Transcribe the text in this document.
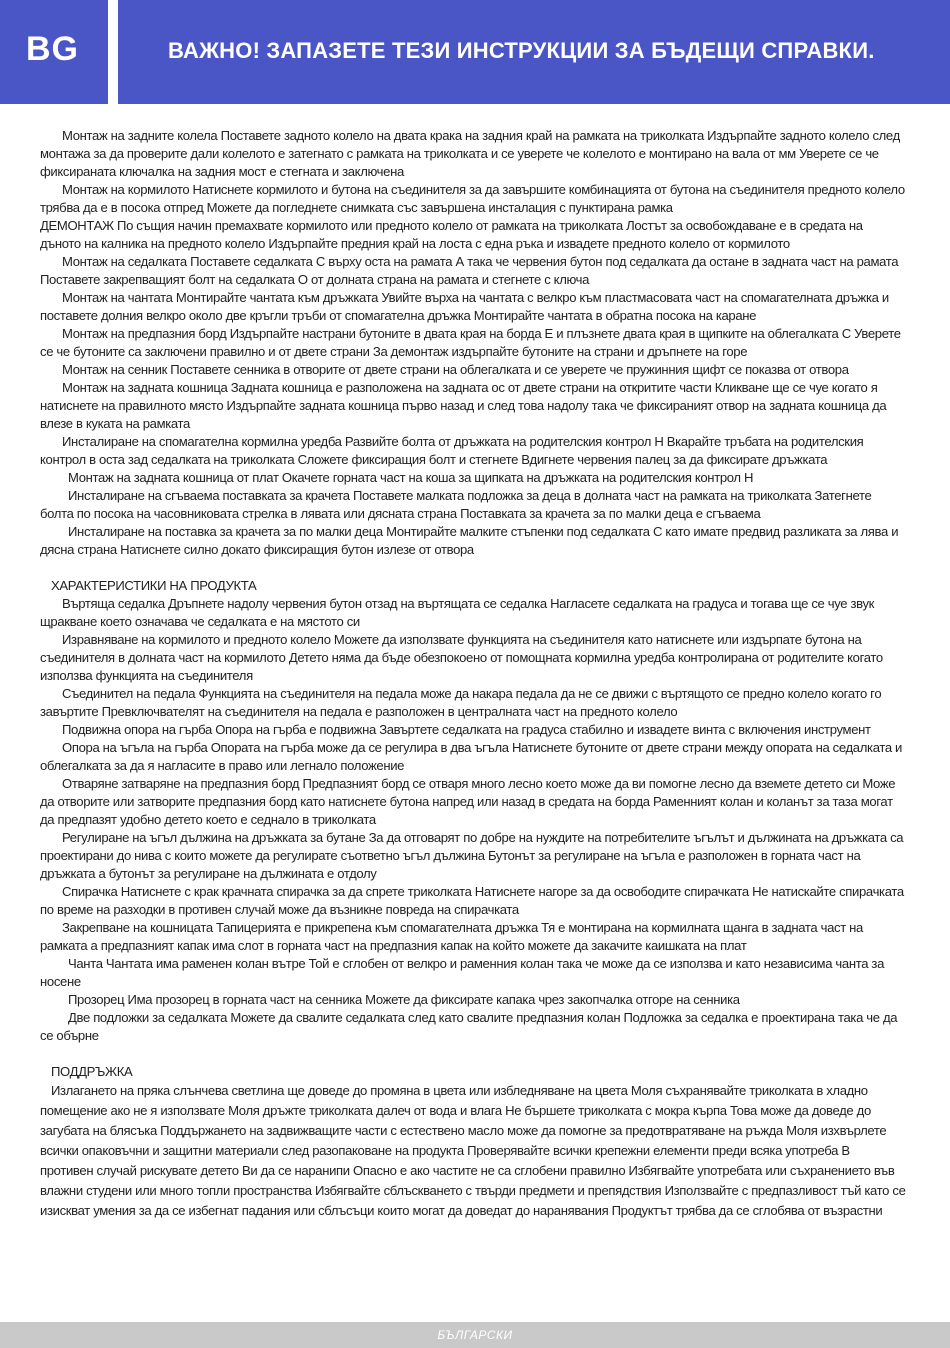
BG	ВАЖНО! ЗАПАЗЕТЕ ТЕЗИ ИНСТРУКЦИИ ЗА БЪДЕЩИ СПРАВКИ.

Монтаж на задните колела Поставете задното колело на двата крака на задния край на рамката на триколката Издърпайте задното колело след монтажа за да проверите дали колелото е затегнато с рамката на триколката и се уверете че колелото е монтирано на вала от мм Уверете се че фиксираната ключалка на задния мост е стегната и заключена

Монтаж на кормилото Натиснете кормилото и бутона на съединителя за да завършите комбинацията от бутона на съединителя предното колело трябва да е в посока отпред Можете да погледнете снимката със завършена инсталация с пунктирана рамка

ДЕМОНТАЖ По същия начин премахвате кормилото или предното колело от рамката на триколката Лостът за освобождаване е в средата на дъното на калника на предното колело Издърпайте предния край на лоста с една ръка и извадете предното колело от кормилото

Монтаж на седалката Поставете седалката С върху оста на рамата А така че червения бутон под седалката да остане в задната част на рамата Поставете закрепващият болт на седалката О от долната страна на рамата и стегнете с ключа

Монтаж на чантата Монтирайте чантата към дръжката Увийте върха на чантата с велкро към пластмасовата част на спомагателната дръжка и поставете долния велкро около две кръгли тръби от спомагателна дръжка Монтирайте чантата в обратна посока на каране

Монтаж на предпазния борд Издърпайте настрани бутоните в двата края на борда Е и плъзнете двата края в щипките на облегалката С Уверете се че бутоните са заключени правилно и от двете страни За демонтаж издърпайте бутоните на страни и дръпнете на горе

Монтаж на сенник Поставете сенника в отворите от двете страни на облегалката и се уверете че пружинния щифт се показва от отвора

Монтаж на задната кошница Задната кошница е разположена на задната ос от двете страни на откритите части Кликване ще се чуе когато я натиснете на правилното място Издърпайте задната кошница първо назад и след това надолу така че фиксираният отвор на задната кошница да влезе в куката на рамката

Инсталиране на спомагателна кормилна уредба Развийте болта от дръжката на родителския контрол Н Вкарайте тръбата на родителския контрол в оста зад седалката на триколката Сложете фиксиращия болт и стегнете Вдигнете червения палец за да фиксирате дръжката

Монтаж на задната кошница от плат Окачете горната част на коша за щипката на дръжката на родителския контрол Н

Инсталиране на сгъваема поставката за крачета Поставете малката подложка за деца в долната част на рамката на триколката Затегнете болта по посока на часовниковата стрелка в лявата или дясната страна Поставката за крачета за по малки деца е сгъваема

Инсталиране на поставка за крачета за по малки деца Монтирайте малките стъпенки под седалката С като имате предвид разликата за лява и дясна страна Натиснете силно докато фиксиращия бутон излезе от отвора

ХАРАКТЕРИСТИКИ НА ПРОДУКТА

Въртяща седалка Дръпнете надолу червения бутон отзад на въртящата се седалка Нагласете седалката на градуса и тогава ще се чуе звук щракване което означава че седалката е на мястото си

Изравняване на кормилото и предното колело Можете да използвате функцията на съединителя като натиснете или издърпате бутона на съединителя в долната част на кормилото Детето няма да бъде обезпокоено от помощната кормилна уредба контролирана от родителите когато използва функцията на съединителя

Съединител на педала Функцията на съединителя на педала може да накара педала да не се движи с въртящото се предно колело когато го завъртите Превключвателят на съединителя на педала е разположен в централната част на предното колело

Подвижна опора на гърба Опора на гърба е подвижна Завъртете седалката на градуса стабилно и извадете винта с включения инструмент

Опора на ъгъла на гърба Опората на гърба може да се регулира в два ъгъла Натиснете бутоните от двете страни между опората на седалката и облегалката за да я нагласите в право или легнало положение

Отваряне затваряне на предпазния борд Предпазният борд се отваря много лесно което може да ви помогне лесно да вземете детето си Може да отворите или затворите предпазния борд като натиснете бутона напред или назад в средата на борда Раменният колан и колaнът за таза могат да предпазят удобно детето което е седнало в триколката

Регулиране на ъгъл дължина на дръжката за бутане За да отговарят по добре на нуждите на потребителите ъгълът и дължината на дръжката са проектирани до нива с които можете да регулирате съответно ъгъл дължина Бутонът за регулиране на ъгъла е разположен в горната част на дръжката а бутонът за регулиране на дължината е отдолу

Спирачка Натиснете с крак крачната спирачка за да спрете триколката Натиснете нагоре за да освободите спирачката Не натискайте спирачката по време на разходки в противен случай може да възникне повреда на спирачката

Закрепване на кошницата Тапицерията е прикрепена към спомагателната дръжка Тя е монтирана на кормилната щанга в задната част на рамката а предпазният капак има слот в горната част на предпазния капак на който можете да закачите каишката на плат

Чанта Чантата има раменен колан вътре Той е сглобен от велкро и раменния колан така че може да се използва и като независима чанта за носене

Прозорец Има прозорец в горната част на сенника Можете да фиксирате капака чрез закопчалка отгоре на сенника

Две подложки за седалката Можете да свалите седалката след като свалите предпазния колан Подложка за седалка е проектирана така че да се обърне

ПОДДРЪЖКА

Излагането на пряка слънчева светлина ще доведе до промяна в цвета или избледняване на цвета Моля съхранявайте триколката в хладно помещение ако не я използвате Моля дръжте триколката далеч от вода и влага Не бършете триколката с мокра кърпа Това може да доведе до загубата на блясъка Поддържането на задвижващите части с естествено масло може да помогне за предотвратяване на ръжда Моля изхвърлете всички опаковъчни и защитни материали след разопаковане на продукта Проверявайте всички крепежни елементи преди всяка употреба В противен случай рискувате детето Ви да се наранипи Опасно е ако частите не са сглобени правилно Избягвайте употребата или съхранението във влажни студени или много топли пространства Избягвайте сблъскването с твърди предмети и препядствия Използвайте с предпазливост тъй като се изискват умения за да се избегнат падания или сблъсъци които могат да доведат до наранявания Продуктът трябва да се сглобява от възрастни

БЪЛГАРСКИ
